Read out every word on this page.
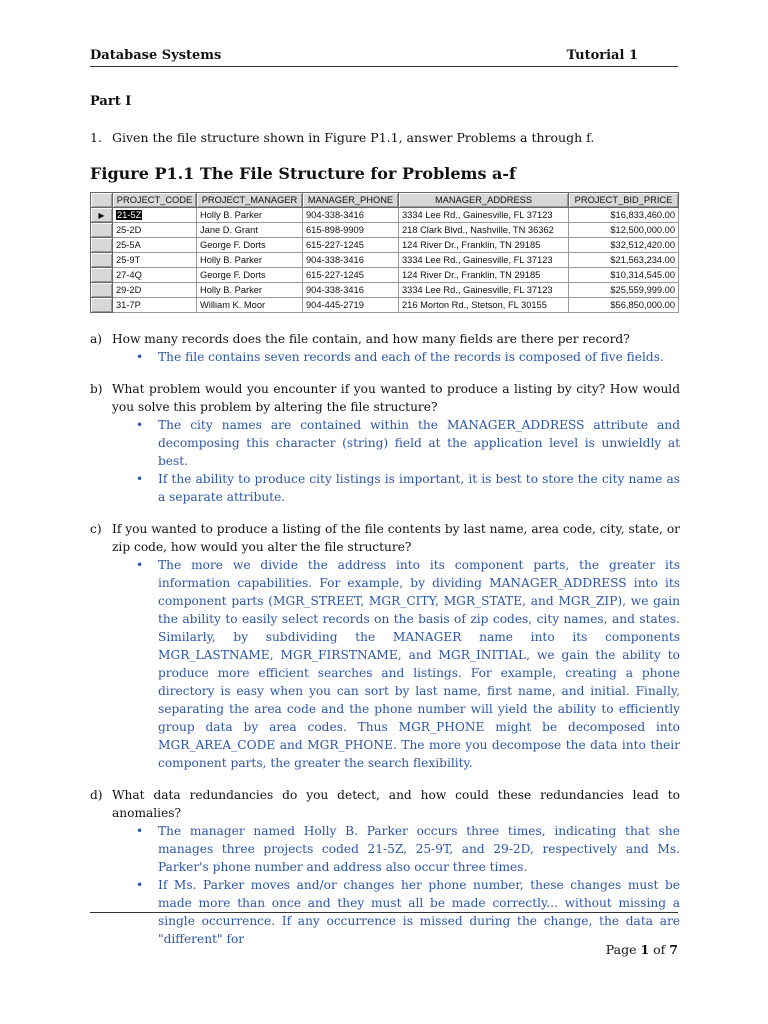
Database Systems	Tutorial 1
Part I
1. Given the file structure shown in Figure P1.1, answer Problems a through f.
Figure P1.1 The File Structure for Problems a-f
	PROJECT_CODE	PROJECT_MANAGER	MANAGER_PHONE	MANAGER_ADDRESS	PROJECT_BID_PRICE
▶	21-5Z	Holly B. Parker	904-338-3416	3334 Lee Rd., Gainesville, FL 37123	$16,833,460.00
	25-2D	Jane D. Grant	615-898-9909	218 Clark Blvd., Nashville, TN 36362	$12,500,000.00
	25-5A	George F. Dorts	615-227-1245	124 River Dr., Franklin, TN 29185	$32,512,420.00
	25-9T	Holly B. Parker	904-338-3416	3334 Lee Rd., Gainesville, FL 37123	$21,563,234.00
	27-4Q	George F. Dorts	615-227-1245	124 River Dr., Franklin, TN 29185	$10,314,545.00
	29-2D	Holly B. Parker	904-338-3416	3334 Lee Rd., Gainesville, FL 37123	$25,559,999.00
	31-7P	William K. Moor	904-445-2719	216 Morton Rd., Stetson, FL 30155	$56,850,000.00
a) How many records does the file contain, and how many fields are there per record?
• The file contains seven records and each of the records is composed of five fields.
b) What problem would you encounter if you wanted to produce a listing by city? How would you solve this problem by altering the file structure?
• The city names are contained within the MANAGER_ADDRESS attribute and decomposing this character (string) field at the application level is unwieldly at best.
• If the ability to produce city listings is important, it is best to store the city name as a separate attribute.
c) If you wanted to produce a listing of the file contents by last name, area code, city, state, or zip code, how would you alter the file structure?
• The more we divide the address into its component parts, the greater its information capabilities. For example, by dividing MANAGER_ADDRESS into its component parts (MGR_STREET, MGR_CITY, MGR_STATE, and MGR_ZIP), we gain the ability to easily select records on the basis of zip codes, city names, and states. Similarly, by subdividing the MANAGER name into its components MGR_LASTNAME, MGR_FIRSTNAME, and MGR_INITIAL, we gain the ability to produce more efficient searches and listings. For example, creating a phone directory is easy when you can sort by last name, first name, and initial. Finally, separating the area code and the phone number will yield the ability to efficiently group data by area codes. Thus MGR_PHONE might be decomposed into MGR_AREA_CODE and MGR_PHONE. The more you decompose the data into their component parts, the greater the search flexibility.
d) What data redundancies do you detect, and how could these redundancies lead to anomalies?
• The manager named Holly B. Parker occurs three times, indicating that she manages three projects coded 21-5Z, 25-9T, and 29-2D, respectively and Ms. Parker's phone number and address also occur three times.
• If Ms. Parker moves and/or changes her phone number, these changes must be made more than once and they must all be made correctly... without missing a single occurrence. If any occurrence is missed during the change, the data are "different" for
Page 1 of 7
